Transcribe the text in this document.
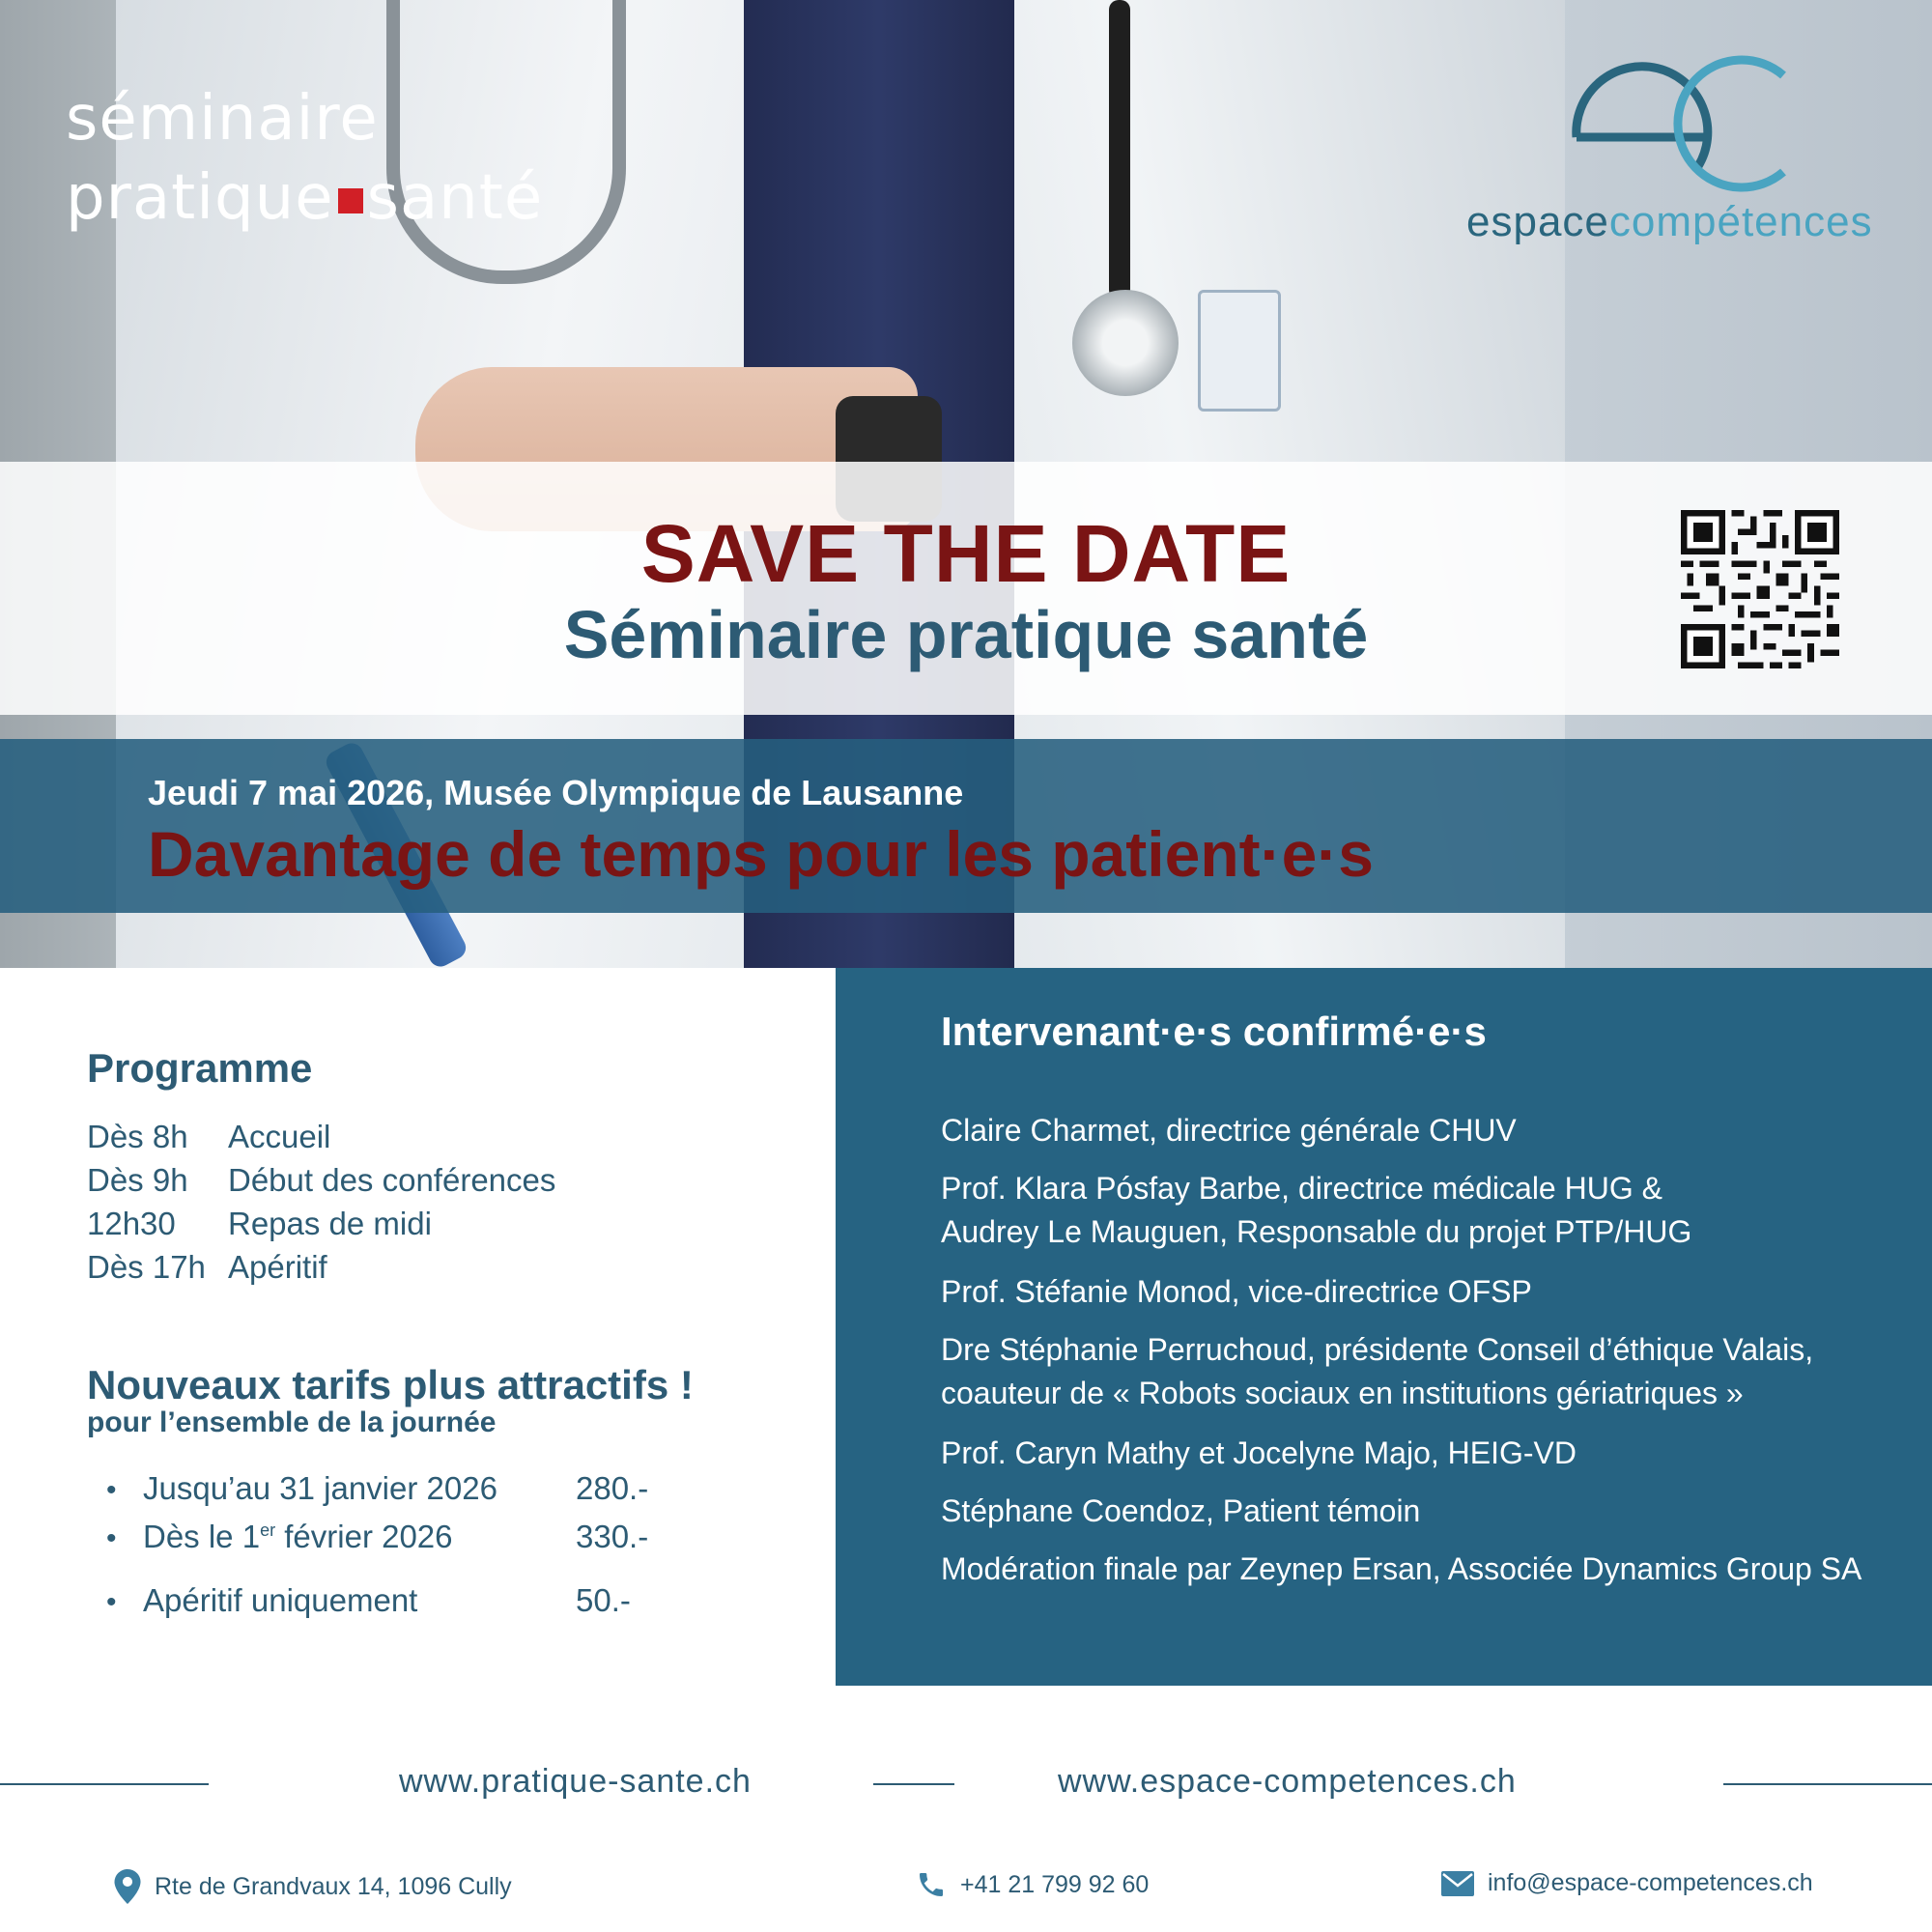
séminaire
pratique santé	espacecompétences
SAVE THE DATE
Séminaire pratique santé
Jeudi 7 mai 2026, Musée Olympique de Lausanne
Davantage de temps pour les patient·e·s
Programme
Dès 8h	Accueil
Dès 9h	Début des conférences
12h30	Repas de midi
Dès 17h Apéritif
Nouveaux tarifs plus attractifs !
pour l’ensemble de la journée
• Jusqu’au 31 janvier 2026	280.-
• Dès le 1er février 2026	330.-
• Apéritif uniquement	50.-
Intervenant·e·s confirmé·e·s
Claire Charmet, directrice générale CHUV
Prof. Klara Pósfay Barbe, directrice médicale HUG &
Audrey Le Mauguen, Responsable du projet PTP/HUG
Prof. Stéfanie Monod, vice-directrice OFSP
Dre Stéphanie Perruchoud, présidente Conseil d’éthique Valais,
coauteur de « Robots sociaux en institutions gériatriques »
Prof. Caryn Mathy et Jocelyne Majo, HEIG-VD
Stéphane Coendoz, Patient témoin
Modération finale par Zeynep Ersan, Associée Dynamics Group SA
www.pratique-sante.ch	www.espace-competences.ch
Rte de Grandvaux 14, 1096 Cully	+41 21 799 92 60	info@espace-competences.ch
